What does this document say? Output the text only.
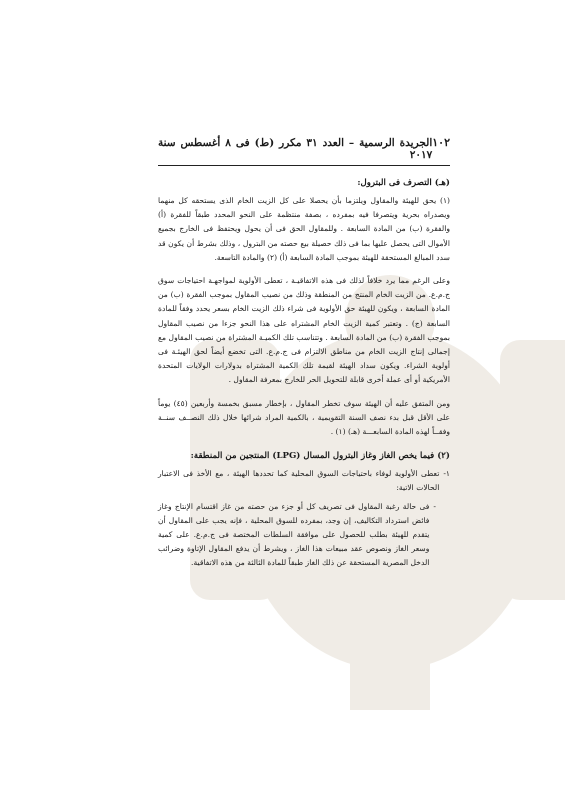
١٠٢
الجريدة الرسمية – العدد ٣١ مكرر (ط) فى ٨ أغسطس سنة ٢٠١٧
(هـ) التصرف فى البترول:

(١) يحق للهيئة والمقاول ويلتزما بأن يحصلا على كل الزيت الخام الذى يستحقه كل منهما ويصدراه بحرية ويتصرفا فيه بمفرده ، بصفة منتظمة على النحو المحدد طبقاً للفقرة (أ) والفقرة (ب) من المادة السابعة . وللمقاول الحق فى أن يحول ويحتفظ فى الخارج بجميع الأموال التى يحصل عليها بما فى ذلك حصيلة بيع حصته من البترول ، وذلك بشرط أن يكون قد سدد المبالغ المستحقة للهيئة بموجب المادة السابعة (أ) (٢) والمادة التاسعة.

وعلى الرغم مما يرد خلافاً لذلك فى هذه الاتفاقيـة ، تعطى الأولوية لمواجهـة احتياجات سوق ج.م.ع. من الزيت الخام المنتج من المنطقة وذلك من نصيب المقاول بموجب الفقرة (ب) من المادة السابعة ، ويكون للهيئة حق الأولوية فى شراء ذلك الزيت الخام بسعر يحدد وفقاً للمادة السابعة (ج) . وتعتبر كمية الزيت الخام المشتراه على هذا النحو جزءا من نصيب المقاول بموجب الفقرة (ب) من المادة السابعة . وتتناسب تلك الكميـة المشتراة من نصيب المقاول مع إجمالى إنتاج الزيت الخام من مناطق الالتزام فى ج.م.ع. التى تخضع أيضاً لحق الهيئـة فى أولوية الشراء. ويكون سداد الهيئة لقيمة تلك الكمية المشتراه بدولارات الولايات المتحدة الأمريكية أو أى عملة أخرى قابلة للتحويل الحر للخارج بمعرفة المقاول .

ومن المتفق عليه أن الهيئة سوف تخطر المقاول ، بإخطار مسبق بخمسة وأربعين (٤٥) يوماً على الأقل قبل بدء نصف السنة التقويمية ، بالكمية المراد شرائها خلال ذلك النصــف سنــة وفقــاً لهذه المادة السابعـــة (هـ) (١) .

(٢) فيما يخص الغاز وغاز البترول المسال (LPG) المنتجين من المنطقة:
١-
تعطى الأولوية لوفاء باحتياجات السوق المحلية كما تحددها الهيئة ، مع الأخذ فى الاعتبار الحالات الاتية:
-
فى حالة رغبة المقاول فى تصريف كل أو جزء من حصته من غاز اقتسام الإنتاج وغاز فائض استرداد التكاليف، إن وجد، بمفرده للسوق المحلية ، فإنه يجب على المقاول أن يتقدم للهيئة بطلب للحصول على موافقة السلطات المختصة فى ج.م.ع. على كمية وسعر الغاز ونصوص عقد مبيعات هذا الغاز ، ويشرط أن يدفع المقاول الإتاوة وضرائب الدخل المصرية المستحقة عن ذلك الغاز طبقاً للمادة الثالثة من هذه الاتفاقية.
